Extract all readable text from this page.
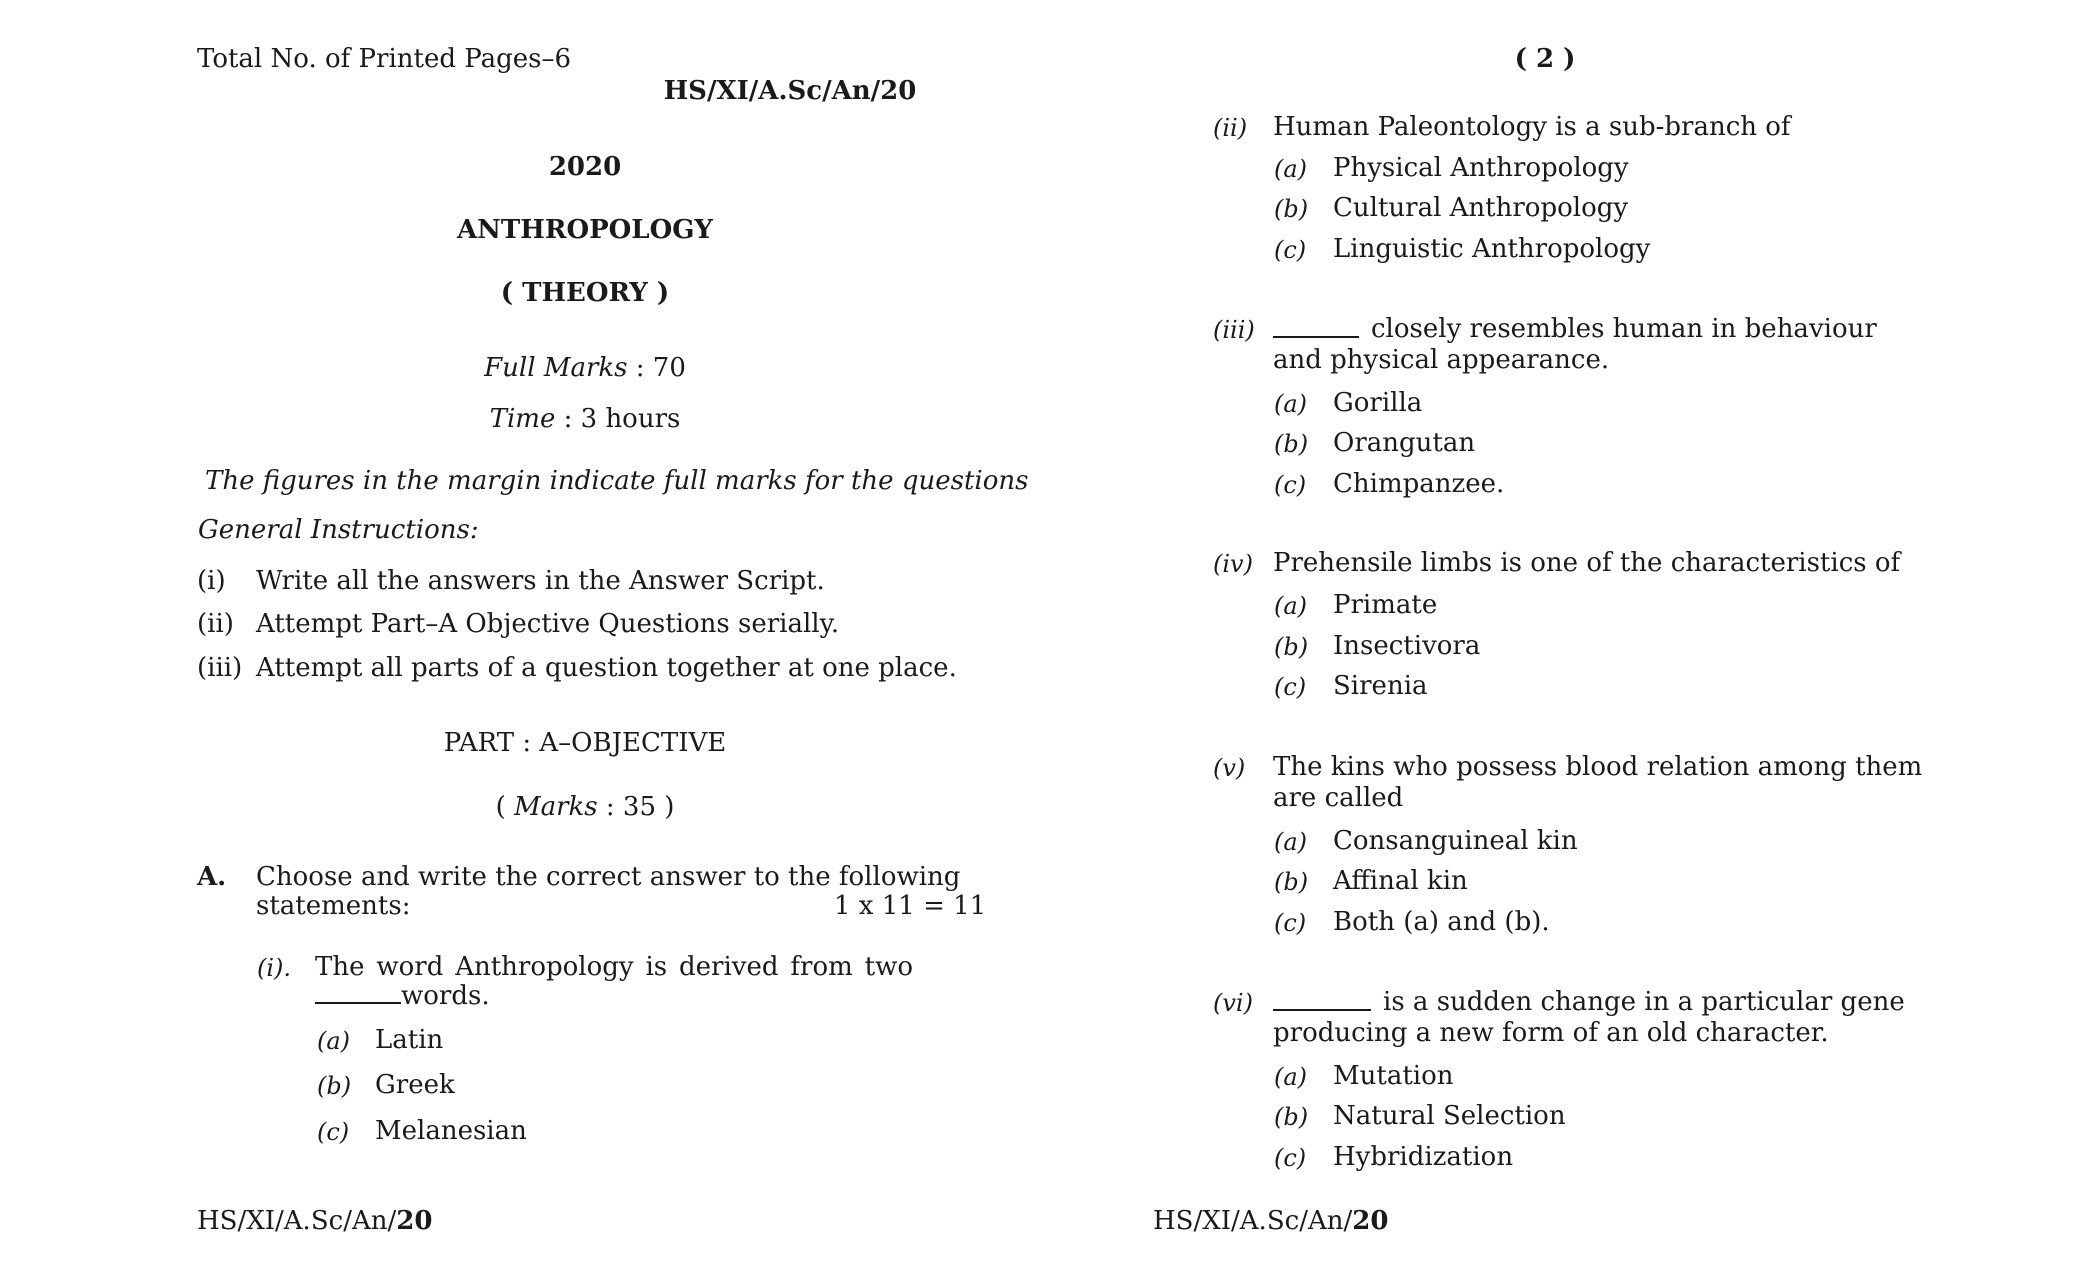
Total No. of Printed Pages–6
HS/XI/A.Sc/An/20
2020
ANTHROPOLOGY
( THEORY )
Full Marks : 70
Time : 3 hours
The figures in the margin indicate full marks for the questions
General Instructions:
(i) Write all the answers in the Answer Script.
(ii) Attempt Part–A Objective Questions serially.
(iii) Attempt all parts of a question together at one place.
PART : A–OBJECTIVE
( Marks : 35 )
A. Choose and write the correct answer to the following
statements:	1 x 11 = 11
(i). The word Anthropology is derived from two
words.
(a) Latin
(b) Greek
(c) Melanesian
HS/XI/A.Sc/An/20
( 2 )
(ii) Human Paleontology is a sub-branch of
(a) Physical Anthropology
(b) Cultural Anthropology
(c) Linguistic Anthropology
(iii)	closely resembles human in behaviour
and physical appearance.
(a) Gorilla
(b) Orangutan
(c) Chimpanzee.
(iv) Prehensile limbs is one of the characteristics of
(a) Primate
(b) Insectivora
(c) Sirenia
(v) The kins who possess blood relation among them
are called
(a) Consanguineal kin
(b) Affinal kin
(c) Both (a) and (b).
(vi)	is a sudden change in a particular gene
producing a new form of an old character.
(a) Mutation
(b) Natural Selection
(c) Hybridization
HS/XI/A.Sc/An/20
